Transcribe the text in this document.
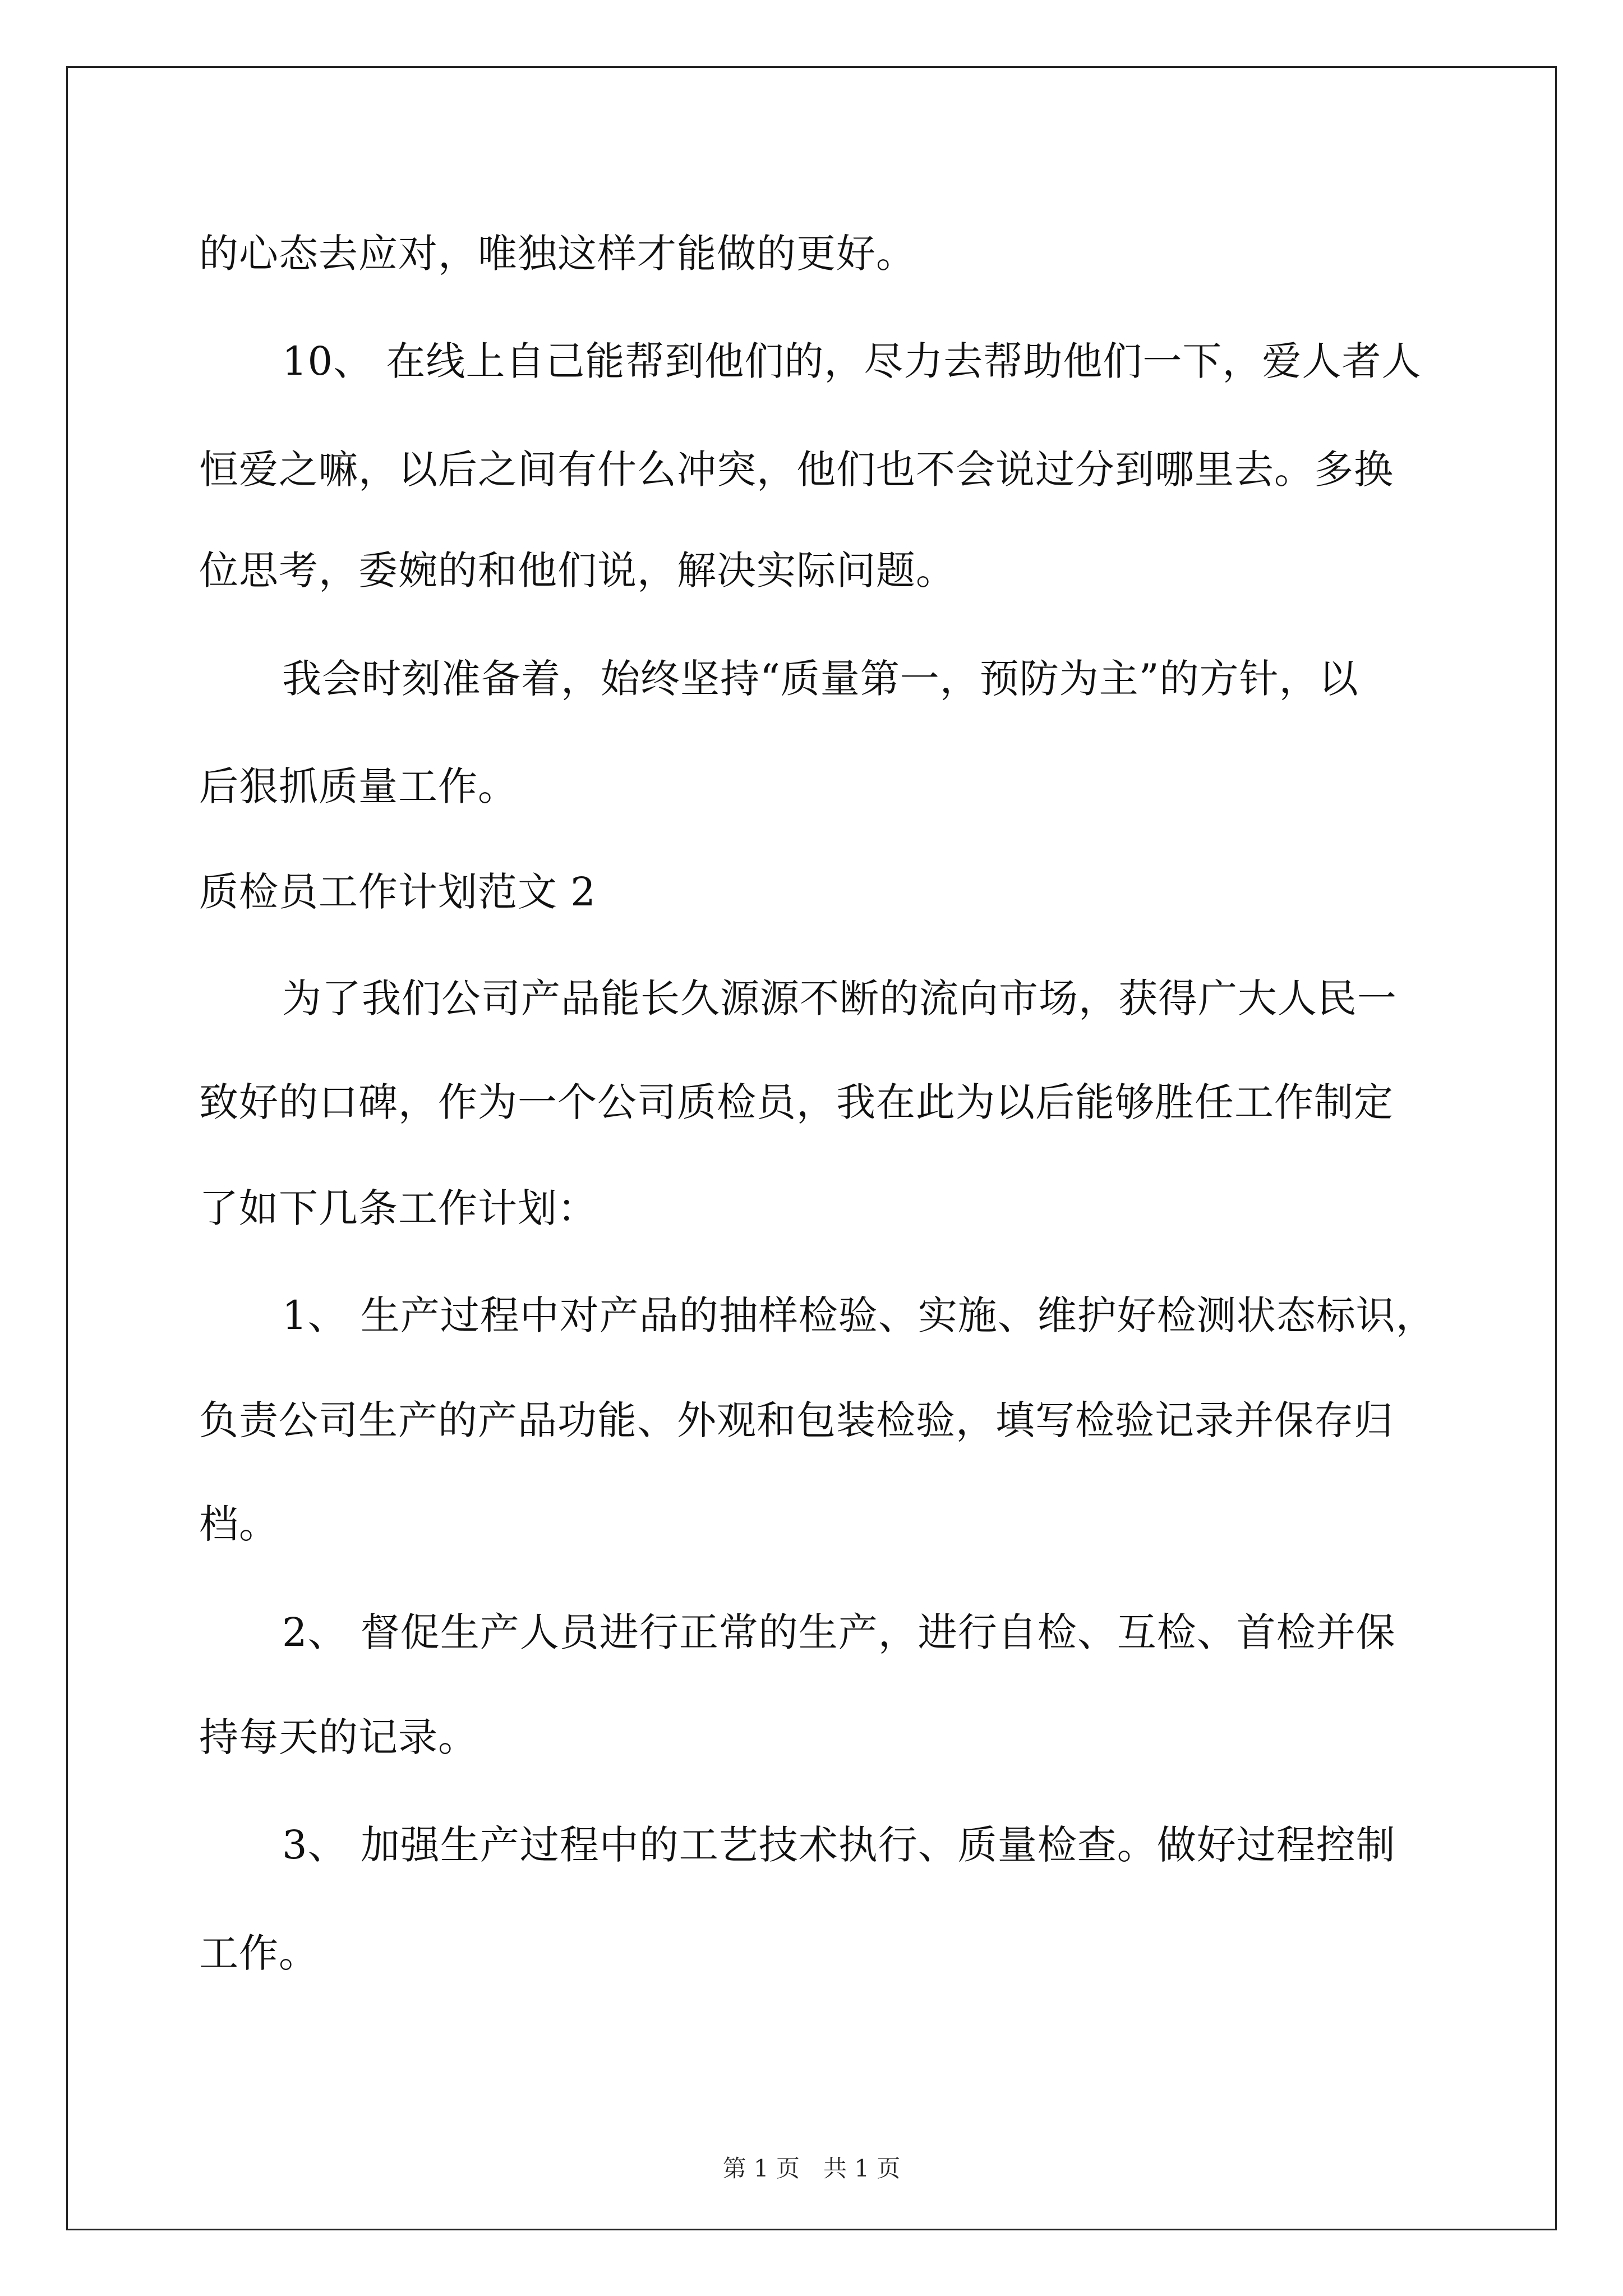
的心态去应对，唯独这样才能做的更好。
10、 在线上自己能帮到他们的，尽力去帮助他们一下，爱人者人
恒爱之嘛，以后之间有什么冲突，他们也不会说过分到哪里去。多换
位思考，委婉的和他们说，解决实际问题。
我会时刻准备着，始终坚持“质量第一，预防为主”的方针，以
后狠抓质量工作。
质检员工作计划范文 2
为了我们公司产品能长久源源不断的流向市场，获得广大人民一
致好的口碑，作为一个公司质检员，我在此为以后能够胜任工作制定
了如下几条工作计划：
1、 生产过程中对产品的抽样检验、实施、维护好检测状态标识，
负责公司生产的产品功能、外观和包装检验，填写检验记录并保存归
档。
2、 督促生产人员进行正常的生产，进行自检、互检、首检并保
持每天的记录。
3、 加强生产过程中的工艺技术执行、质量检查。做好过程控制
工作。
第 1 页　共 1 页
